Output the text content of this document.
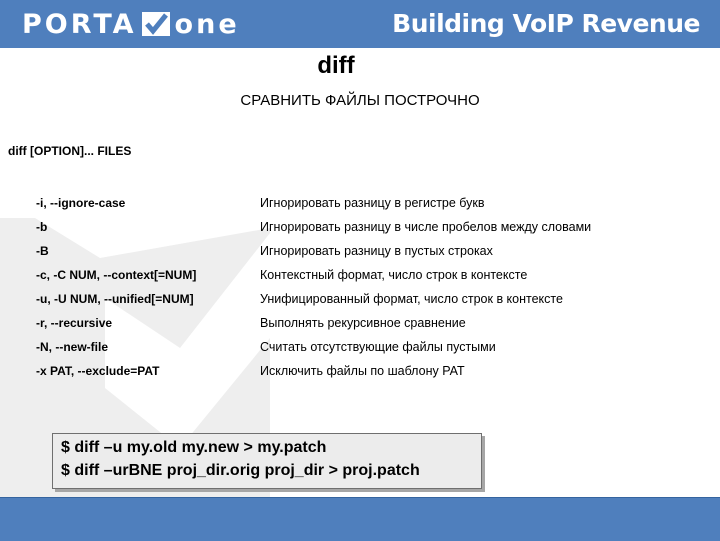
PORTA one	Building VoIP Revenue
diff
СРАВНИТЬ ФАЙЛЫ ПОСТРОЧНО
diff [OPTION]... FILES
-i, --ignore-case	Игнорировать разницу в регистре букв
-b	Игнорировать разницу в числе пробелов между словами
-B	Игнорировать разницу в пустых строках
-c, -C NUM, --context[=NUM]	Контекстный формат, число строк в контексте
-u, -U NUM, --unified[=NUM]	Унифицированный формат, число строк в контексте
-r, --recursive	Выполнять рекурсивное сравнение
-N, --new-file	Считать отсутствующие файлы пустыми
-x PAT, --exclude=PAT	Исключить файлы по шаблону PAT
$ diff –u my.old my.new > my.patch
$ diff –urBNE proj_dir.orig proj_dir > proj.patch
